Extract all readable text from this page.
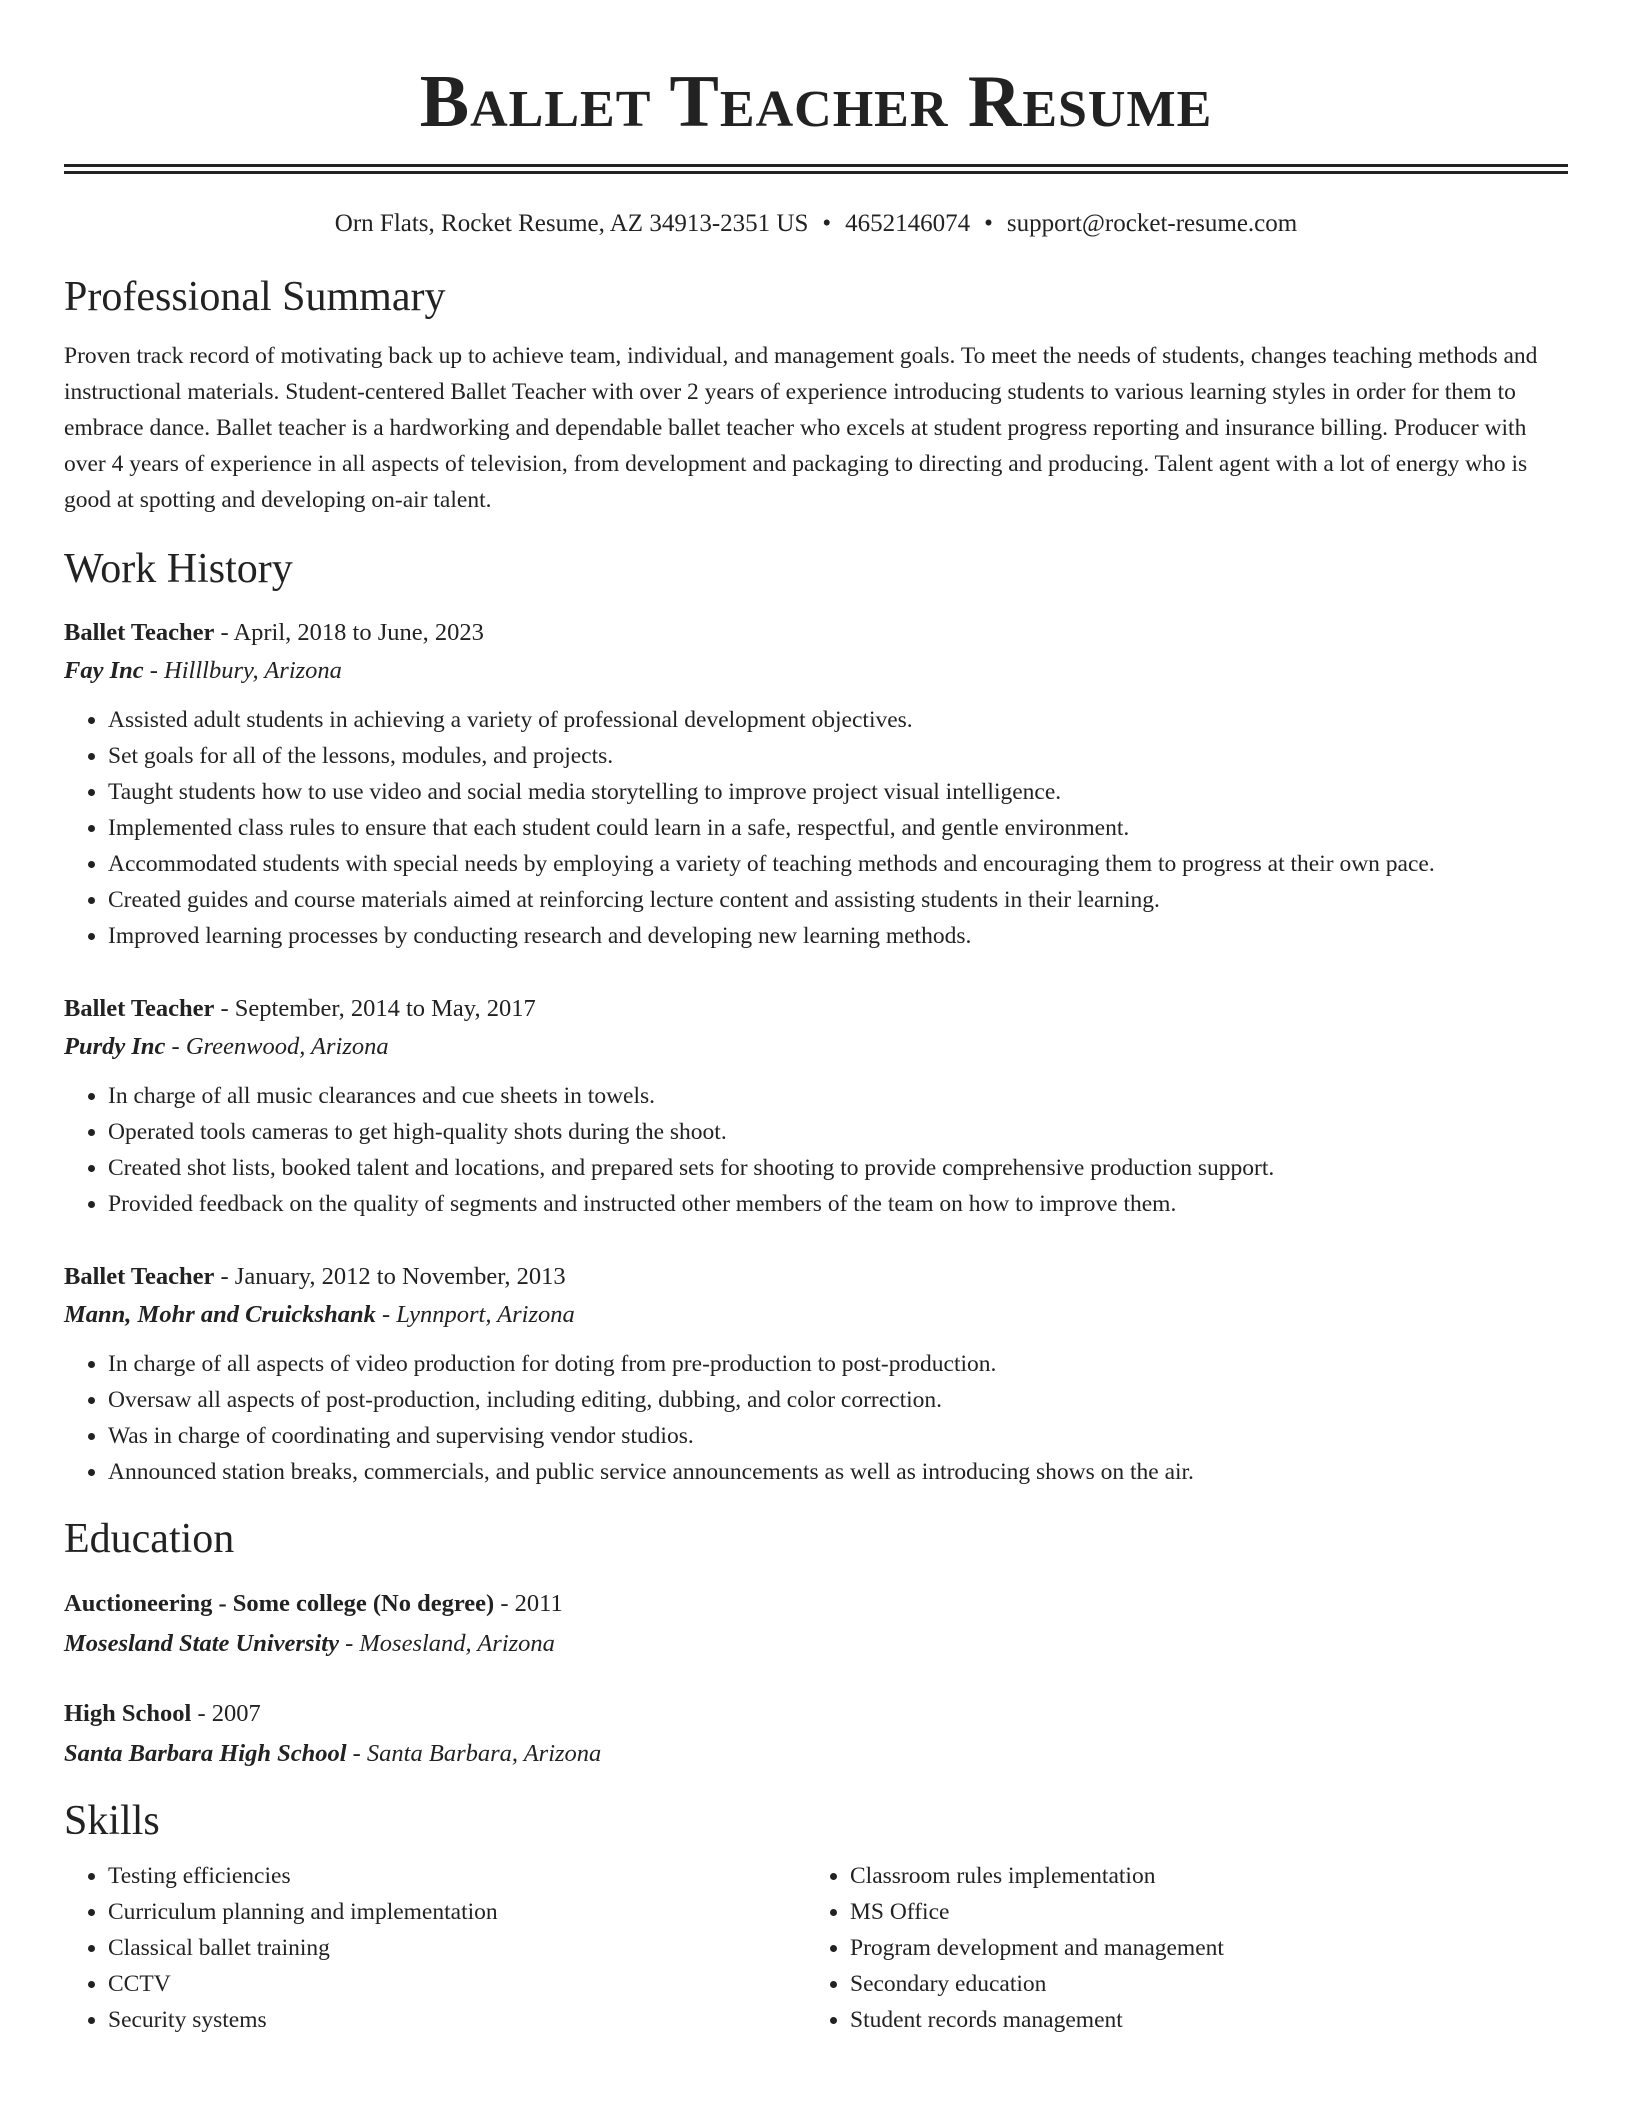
Ballet Teacher Resume
Orn Flats, Rocket Resume, AZ 34913-2351 US • 4652146074 • support@rocket-resume.com
Professional Summary

Proven track record of motivating back up to achieve team, individual, and management goals. To meet the needs of students, changes teaching methods and instructional materials. Student-centered Ballet Teacher with over 2 years of experience introducing students to various learning styles in order for them to embrace dance. Ballet teacher is a hardworking and dependable ballet teacher who excels at student progress reporting and insurance billing. Producer with over 4 years of experience in all aspects of television, from development and packaging to directing and producing. Talent agent with a lot of energy who is good at spotting and developing on-air talent.

Work History
Ballet Teacher - April, 2018 to June, 2023
Fay Inc - Hilllbury, Arizona
• Assisted adult students in achieving a variety of professional development objectives.
• Set goals for all of the lessons, modules, and projects.
• Taught students how to use video and social media storytelling to improve project visual intelligence.
• Implemented class rules to ensure that each student could learn in a safe, respectful, and gentle environment.
• Accommodated students with special needs by employing a variety of teaching methods and encouraging them to progress at their own pace.
• Created guides and course materials aimed at reinforcing lecture content and assisting students in their learning.
• Improved learning processes by conducting research and developing new learning methods.
Ballet Teacher - September, 2014 to May, 2017
Purdy Inc - Greenwood, Arizona
• In charge of all music clearances and cue sheets in towels.
• Operated tools cameras to get high-quality shots during the shoot.
• Created shot lists, booked talent and locations, and prepared sets for shooting to provide comprehensive production support.
• Provided feedback on the quality of segments and instructed other members of the team on how to improve them.
Ballet Teacher - January, 2012 to November, 2013
Mann, Mohr and Cruickshank - Lynnport, Arizona
• In charge of all aspects of video production for doting from pre-production to post-production.
• Oversaw all aspects of post-production, including editing, dubbing, and color correction.
• Was in charge of coordinating and supervising vendor studios.
• Announced station breaks, commercials, and public service announcements as well as introducing shows on the air.
Education
Auctioneering - Some college (No degree) - 2011
Mosesland State University - Mosesland, Arizona
High School - 2007
Santa Barbara High School - Santa Barbara, Arizona
Skills
• Testing efficiencies
• Curriculum planning and implementation
• Classical ballet training
• CCTV
• Security systems
• Classroom rules implementation
• MS Office
• Program development and management
• Secondary education
• Student records management
